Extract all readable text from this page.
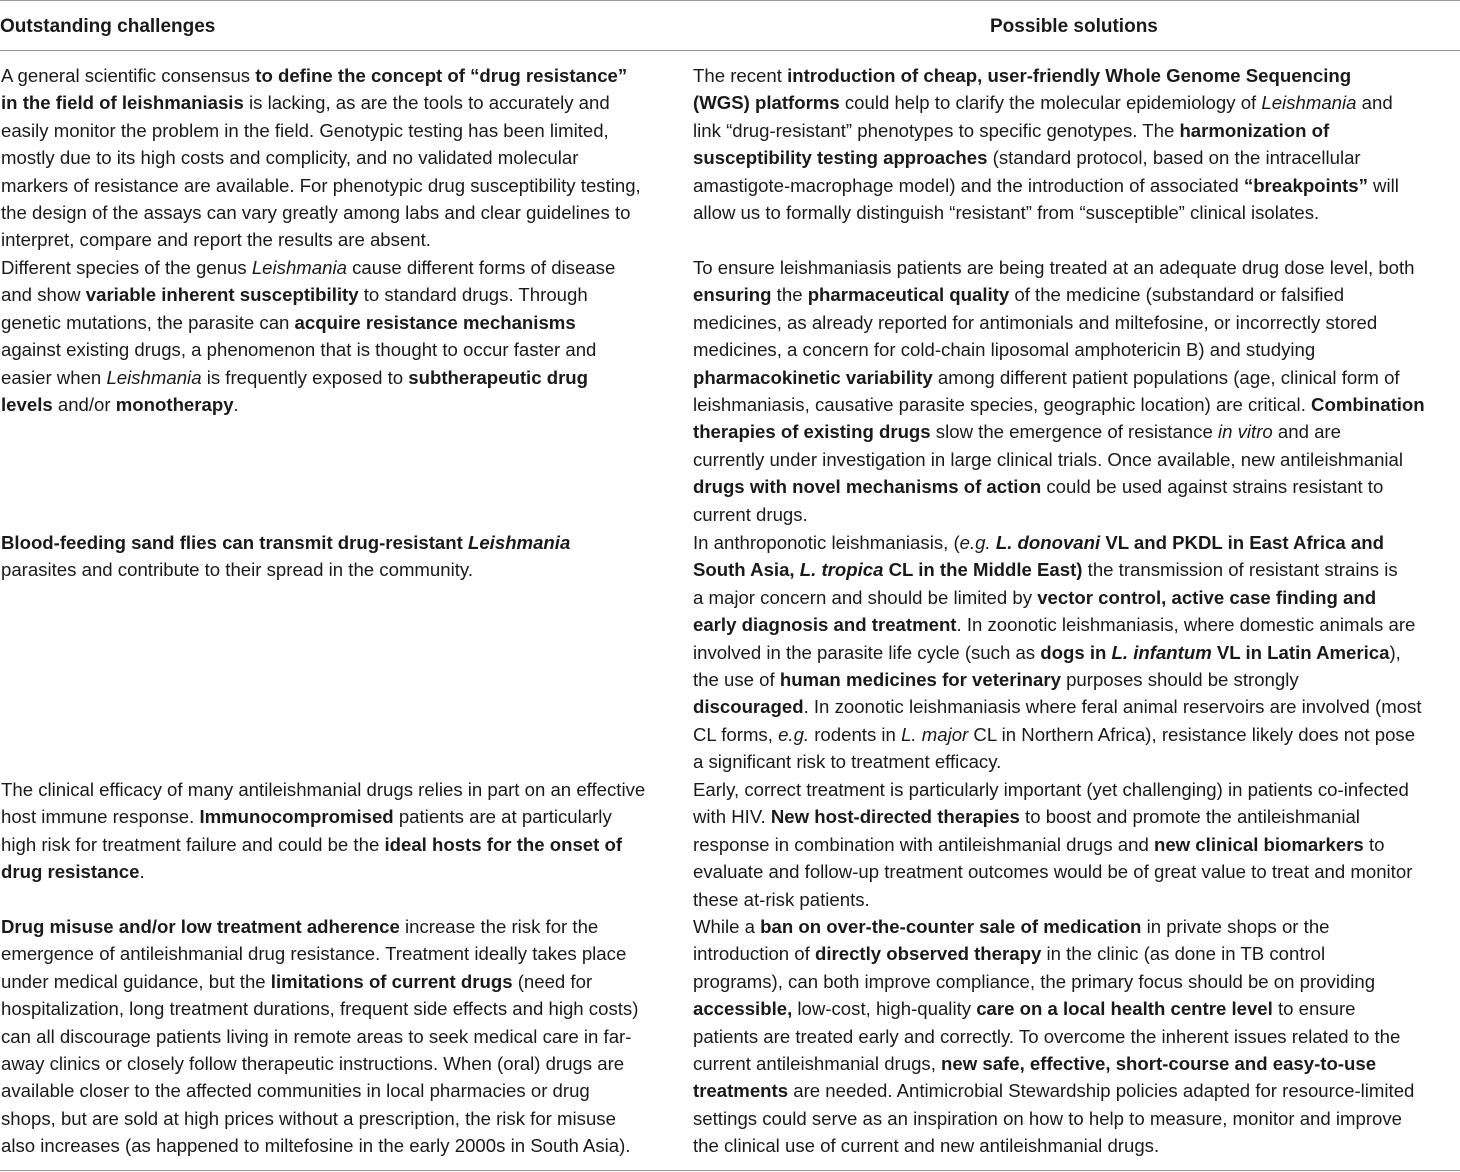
Outstanding challenges	Possible solutions
A general scientific consensus to define the concept of “drug resistance”
in the field of leishmaniasis is lacking, as are the tools to accurately and
easily monitor the problem in the field. Genotypic testing has been limited,
mostly due to its high costs and complicity, and no validated molecular
markers of resistance are available. For phenotypic drug susceptibility testing,
the design of the assays can vary greatly among labs and clear guidelines to
interpret, compare and report the results are absent.
The recent introduction of cheap, user-friendly Whole Genome Sequencing
(WGS) platforms could help to clarify the molecular epidemiology of Leishmania and
link “drug-resistant” phenotypes to specific genotypes. The harmonization of
susceptibility testing approaches (standard protocol, based on the intracellular
amastigote-macrophage model) and the introduction of associated “breakpoints” will
allow us to formally distinguish “resistant” from “susceptible” clinical isolates.
Different species of the genus Leishmania cause different forms of disease
and show variable inherent susceptibility to standard drugs. Through
genetic mutations, the parasite can acquire resistance mechanisms
against existing drugs, a phenomenon that is thought to occur faster and
easier when Leishmania is frequently exposed to subtherapeutic drug
levels and/or monotherapy.
To ensure leishmaniasis patients are being treated at an adequate drug dose level, both
ensuring the pharmaceutical quality of the medicine (substandard or falsified
medicines, as already reported for antimonials and miltefosine, or incorrectly stored
medicines, a concern for cold-chain liposomal amphotericin B) and studying
pharmacokinetic variability among different patient populations (age, clinical form of
leishmaniasis, causative parasite species, geographic location) are critical. Combination
therapies of existing drugs slow the emergence of resistance in vitro and are
currently under investigation in large clinical trials. Once available, new antileishmanial
drugs with novel mechanisms of action could be used against strains resistant to
current drugs.
Blood-feeding sand flies can transmit drug-resistant Leishmania
parasites and contribute to their spread in the community.
In anthroponotic leishmaniasis, (e.g. L. donovani VL and PKDL in East Africa and
South Asia, L. tropica CL in the Middle East) the transmission of resistant strains is
a major concern and should be limited by vector control, active case finding and
early diagnosis and treatment. In zoonotic leishmaniasis, where domestic animals are
involved in the parasite life cycle (such as dogs in L. infantum VL in Latin America),
the use of human medicines for veterinary purposes should be strongly
discouraged. In zoonotic leishmaniasis where feral animal reservoirs are involved (most
CL forms, e.g. rodents in L. major CL in Northern Africa), resistance likely does not pose
a significant risk to treatment efficacy.
The clinical efficacy of many antileishmanial drugs relies in part on an effective
host immune response. Immunocompromised patients are at particularly
high risk for treatment failure and could be the ideal hosts for the onset of
drug resistance.
Early, correct treatment is particularly important (yet challenging) in patients co-infected
with HIV. New host-directed therapies to boost and promote the antileishmanial
response in combination with antileishmanial drugs and new clinical biomarkers to
evaluate and follow-up treatment outcomes would be of great value to treat and monitor
these at-risk patients.
Drug misuse and/or low treatment adherence increase the risk for the
emergence of antileishmanial drug resistance. Treatment ideally takes place
under medical guidance, but the limitations of current drugs (need for
hospitalization, long treatment durations, frequent side effects and high costs)
can all discourage patients living in remote areas to seek medical care in far-
away clinics or closely follow therapeutic instructions. When (oral) drugs are
available closer to the affected communities in local pharmacies or drug
shops, but are sold at high prices without a prescription, the risk for misuse
also increases (as happened to miltefosine in the early 2000s in South Asia).
While a ban on over-the-counter sale of medication in private shops or the
introduction of directly observed therapy in the clinic (as done in TB control
programs), can both improve compliance, the primary focus should be on providing
accessible, low-cost, high-quality care on a local health centre level to ensure
patients are treated early and correctly. To overcome the inherent issues related to the
current antileishmanial drugs, new safe, effective, short-course and easy-to-use
treatments are needed. Antimicrobial Stewardship policies adapted for resource-limited
settings could serve as an inspiration on how to help to measure, monitor and improve
the clinical use of current and new antileishmanial drugs.
